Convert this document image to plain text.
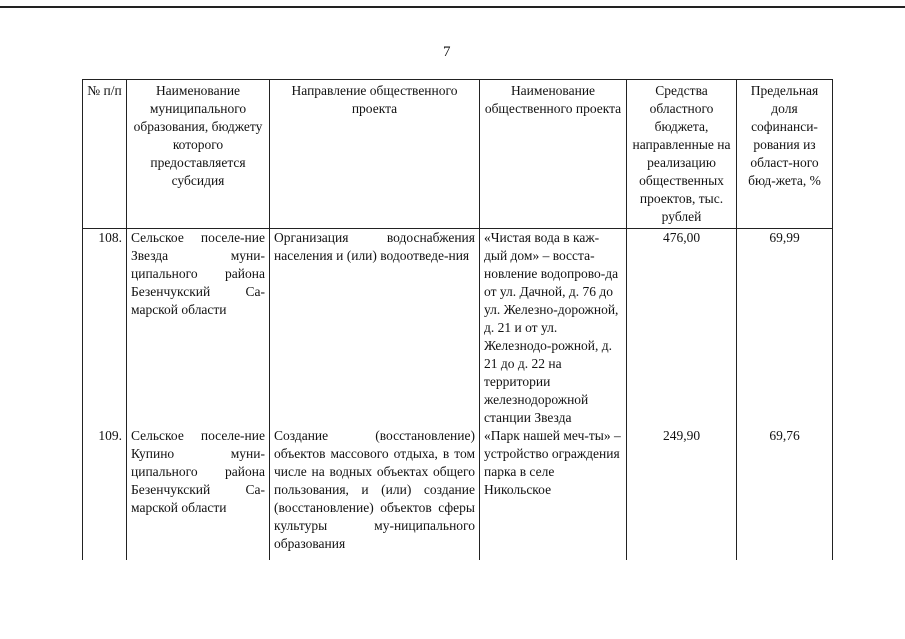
7
№ п/п	Наименование муниципального образования, бюджету которого предоставляется субсидия	Направление общественного проекта	Наименование общественного проекта	Средства областного бюджета, направленные на реализацию общественных проектов, тыс. рублей	Предельная доля софинанси-рования из област-ного бюд-жета, %
108.	Сельское поселе-ние Звезда муни-ципального района Безенчукский Са-марской области	Организация водоснабжения населения и (или) водоотведе-ния	«Чистая вода в каж-дый дом» – восста-новление водопрово-да от ул. Дачной, д. 76 до ул. Железно-дорожной, д. 21 и от ул. Железнодо-рожной, д. 21 до д. 22 на территории железнодорожной станции Звезда	476,00	69,99
109.	Сельское поселе-ние Купино муни-ципального района Безенчукский Са-марской области	Создание (восстановление) объектов массового отдыха, в том числе на водных объектах общего пользования, и (или) создание (восстановление) объектов сферы культуры му-ниципального образования	«Парк нашей меч-ты» – устройство ограждения парка в селе Никольское	249,90	69,76
